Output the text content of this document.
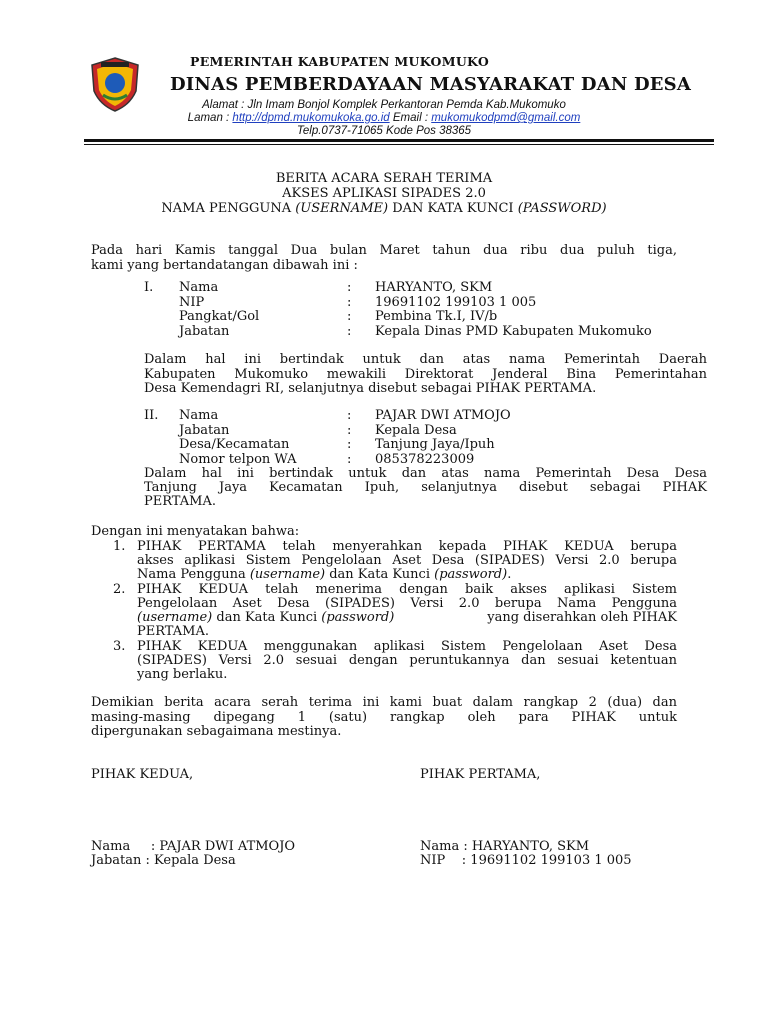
PEMERINTAH KABUPATEN MUKOMUKO
DINAS PEMBERDAYAAN MASYARAKAT DAN DESA
Alamat : Jln Imam Bonjol Komplek Perkantoran Pemda Kab.Mukomuko
Laman : http://dpmd.mukomukoka.go.id Email : mukomukodpmd@gmail.com
Telp.0737-71065 Kode Pos 38365
BERITA ACARA SERAH TERIMA
AKSES APLIKASI SIPADES 2.0
NAMA PENGGUNA (USERNAME) DAN KATA KUNCI (PASSWORD)
Pada hari Kamis tanggal Dua bulan Maret tahun dua ribu dua puluh tiga,
kami yang bertandatangan dibawah ini :
I. Nama	:	HARYANTO, SKM
NIP	:	19691102 199103 1 005
Pangkat/Gol	:	Pembina Tk.I, IV/b
Jabatan	:	Kepala Dinas PMD Kabupaten Mukomuko
Dalam hal ini bertindak untuk dan atas nama Pemerintah Daerah
Kabupaten Mukomuko mewakili Direktorat Jenderal Bina Pemerintahan
Desa Kemendagri RI, selanjutnya disebut sebagai PIHAK PERTAMA.
II. Nama	:	PAJAR DWI ATMOJO
Jabatan	:	Kepala Desa
Desa/Kecamatan	:	Tanjung Jaya/Ipuh
Nomor telpon WA	:	085378223009
Dalam hal ini bertindak untuk dan atas nama Pemerintah Desa Desa
Tanjung Jaya Kecamatan Ipuh, selanjutnya disebut sebagai PIHAK
PERTAMA.
Dengan ini menyatakan bahwa:
1. PIHAK PERTAMA telah menyerahkan kepada PIHAK KEDUA berupa
akses aplikasi Sistem Pengelolaan Aset Desa (SIPADES) Versi 2.0 berupa
Nama Pengguna (username) dan Kata Kunci (password).
2. PIHAK KEDUA telah menerima dengan baik akses aplikasi Sistem
Pengelolaan Aset Desa (SIPADES) Versi 2.0 berupa Nama Pengguna
(username) dan Kata Kunci (password)	yang diserahkan oleh PIHAK
PERTAMA.
3. PIHAK KEDUA menggunakan aplikasi Sistem Pengelolaan Aset Desa
(SIPADES) Versi 2.0 sesuai dengan peruntukannya dan sesuai ketentuan
yang berlaku.
Demikian berita acara serah terima ini kami buat dalam rangkap 2 (dua) dan
masing-masing dipegang 1 (satu) rangkap oleh para PIHAK untuk
dipergunakan sebagaimana mestinya.
PIHAK KEDUA,	PIHAK PERTAMA,
Nama     : PAJAR DWI ATMOJO
Jabatan : Kepala Desa
Nama : HARYANTO, SKM
NIP    : 19691102 199103 1 005
